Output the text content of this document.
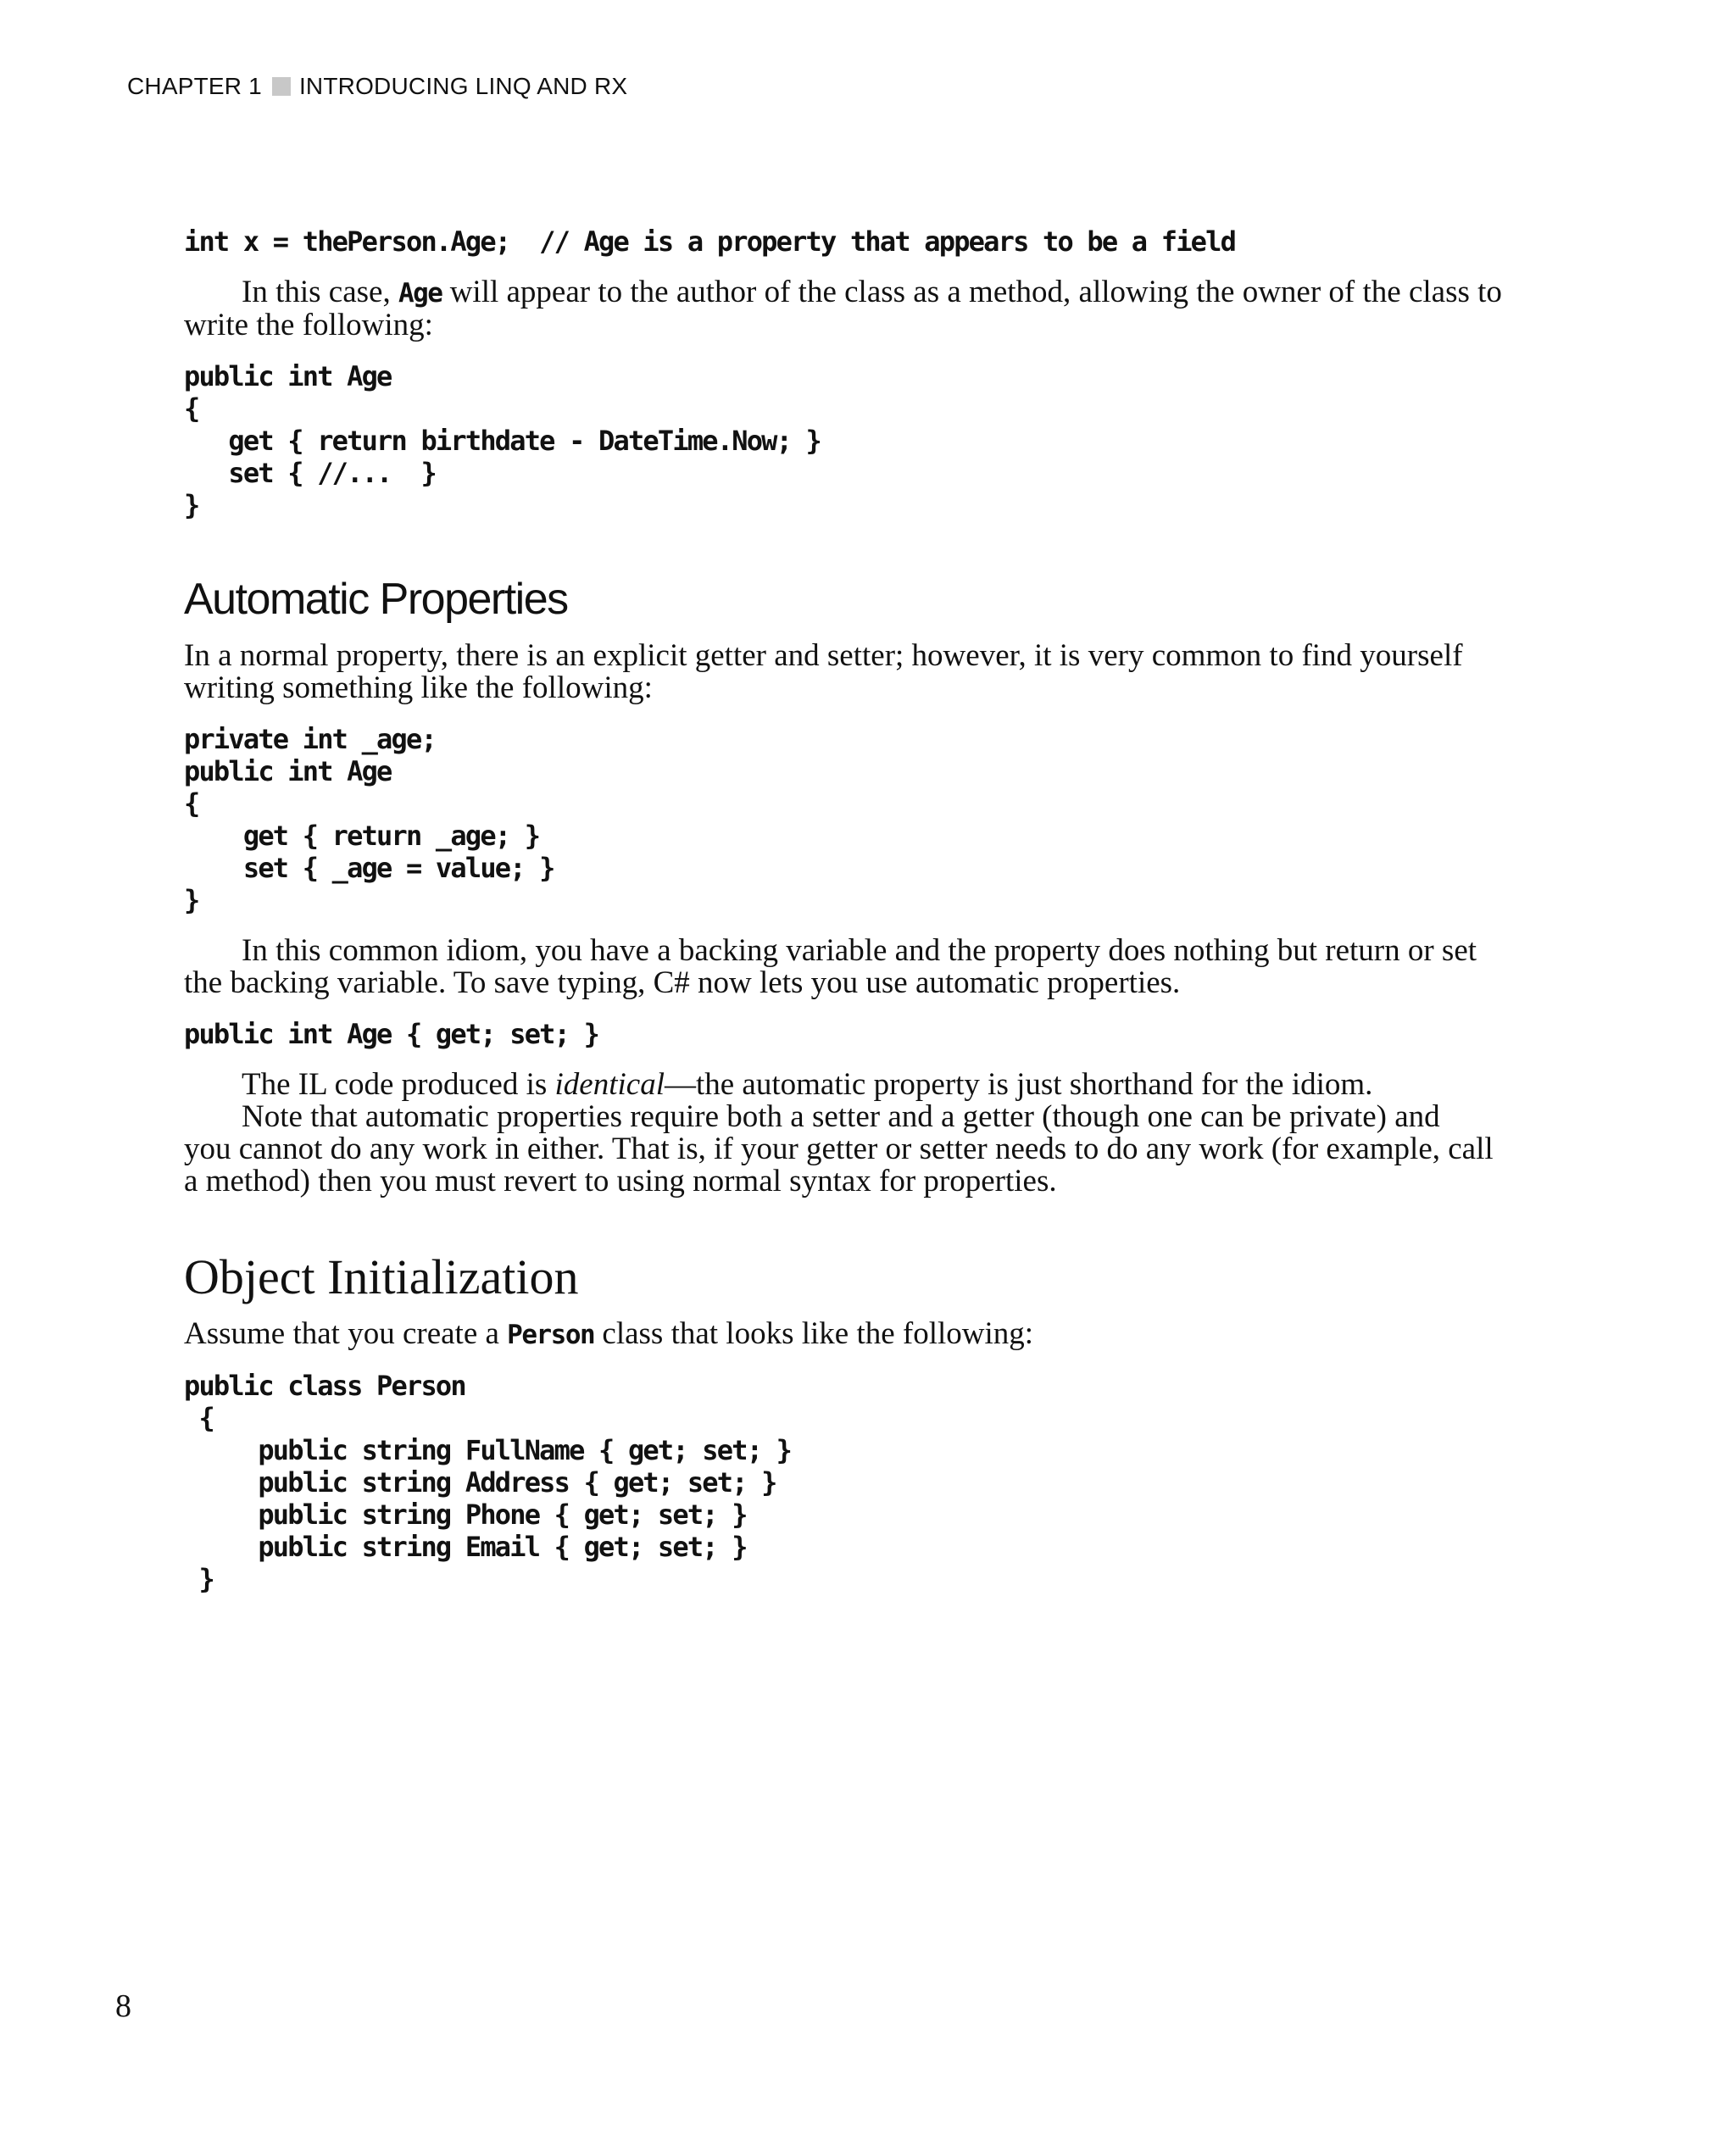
CHAPTER 1 INTRODUCING LINQ AND RX
int x = thePerson.Age;  // Age is a property that appears to be a field

In this case, Age will appear to the author of the class as a method, allowing the owner of the class to

write the following:

public int Age
{
get { return birthdate - DateTime.Now; }
set { //...  }
}
Automatic Properties

In a normal property, there is an explicit getter and setter; however, it is very common to find yourself

writing something like the following:

private int _age;
public int Age
{
get { return _age; }
set { _age = value; }
}

In this common idiom, you have a backing variable and the property does nothing but return or set

the backing variable. To save typing, C# now lets you use automatic properties.

public int Age { get; set; }

The IL code produced is identical—the automatic property is just shorthand for the idiom.

Note that automatic properties require both a setter and a getter (though one can be private) and

you cannot do any work in either. That is, if your getter or setter needs to do any work (for example, call

a method) then you must revert to using normal syntax for properties.

Object Initialization

Assume that you create a Person class that looks like the following:

public class Person
{
public string FullName { get; set; }
public string Address { get; set; }
public string Phone { get; set; }
public string Email { get; set; }
}
8
